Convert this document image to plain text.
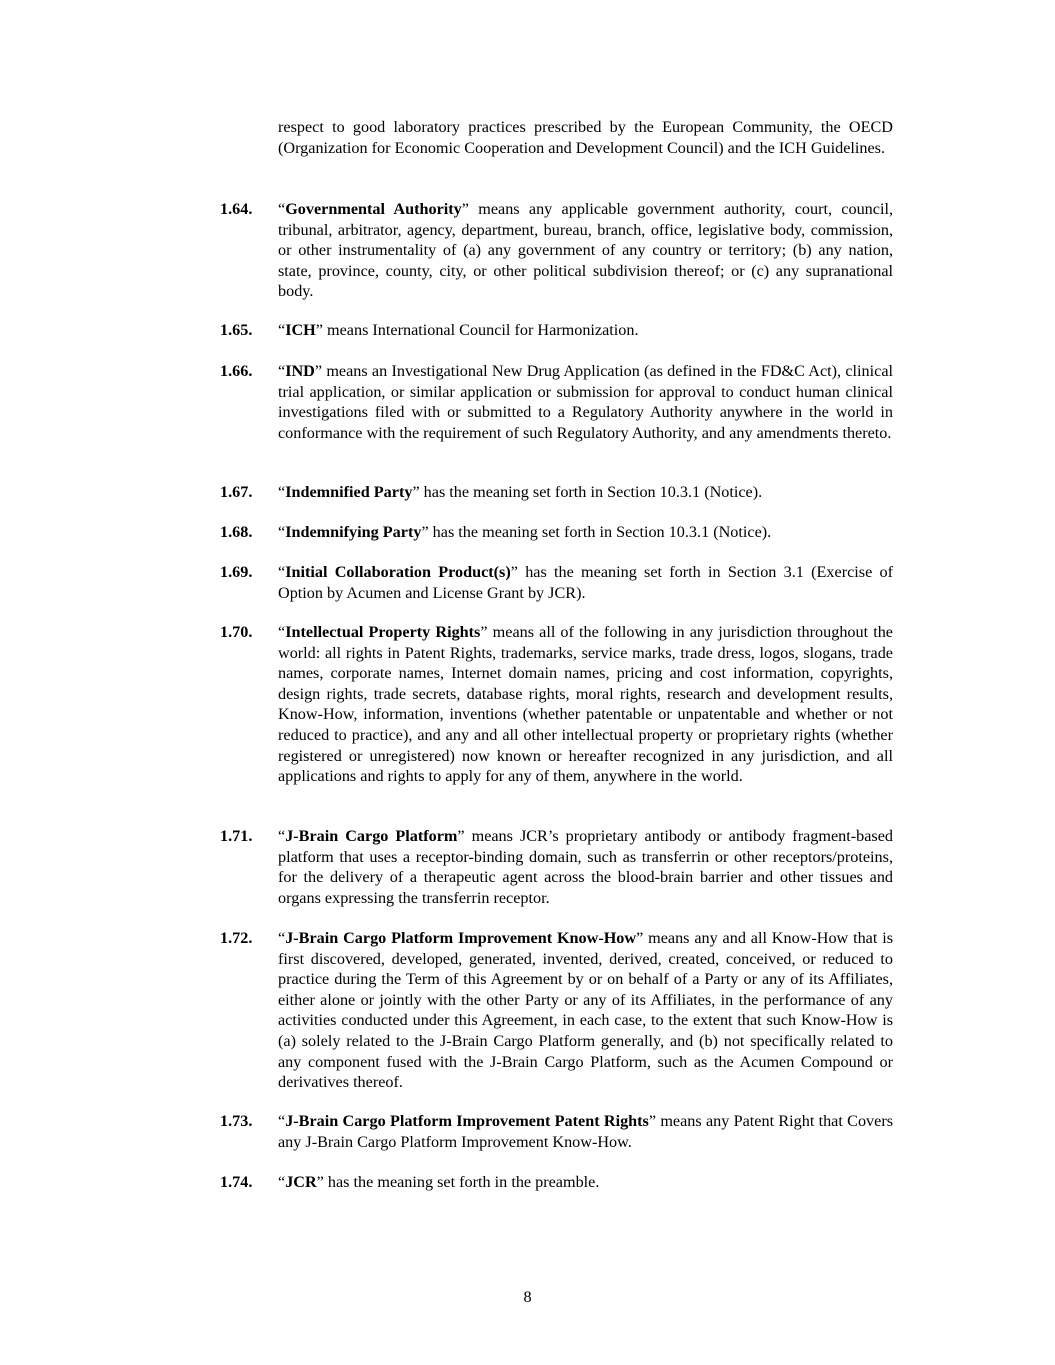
respect to good laboratory practices prescribed by the European Community, the OECD (Organization for Economic Cooperation and Development Council) and the ICH Guidelines.

1.64. “Governmental Authority” means any applicable government authority, court, council, tribunal, arbitrator, agency, department, bureau, branch, office, legislative body, commission, or other instrumentality of (a) any government of any country or territory; (b) any nation, state, province, county, city, or other political subdivision thereof; or (c) any supranational body.

1.65. “ICH” means International Council for Harmonization.

1.66. “IND” means an Investigational New Drug Application (as defined in the FD&C Act), clinical trial application, or similar application or submission for approval to conduct human clinical investigations filed with or submitted to a Regulatory Authority anywhere in the world in conformance with the requirement of such Regulatory Authority, and any amendments thereto.

1.67. “Indemnified Party” has the meaning set forth in Section 10.3.1 (Notice).

1.68. “Indemnifying Party” has the meaning set forth in Section 10.3.1 (Notice).

1.69. “Initial Collaboration Product(s)” has the meaning set forth in Section 3.1 (Exercise of Option by Acumen and License Grant by JCR).

1.70. “Intellectual Property Rights” means all of the following in any jurisdiction throughout the world: all rights in Patent Rights, trademarks, service marks, trade dress, logos, slogans, trade names, corporate names, Internet domain names, pricing and cost information, copyrights, design rights, trade secrets, database rights, moral rights, research and development results, Know-How, information, inventions (whether patentable or unpatentable and whether or not reduced to practice), and any and all other intellectual property or proprietary rights (whether registered or unregistered) now known or hereafter recognized in any jurisdiction, and all applications and rights to apply for any of them, anywhere in the world.

1.71. “J-Brain Cargo Platform” means JCR’s proprietary antibody or antibody fragment-based platform that uses a receptor-binding domain, such as transferrin or other receptors/proteins, for the delivery of a therapeutic agent across the blood-brain barrier and other tissues and organs expressing the transferrin receptor.

1.72. “J-Brain Cargo Platform Improvement Know-How” means any and all Know-How that is first discovered, developed, generated, invented, derived, created, conceived, or reduced to practice during the Term of this Agreement by or on behalf of a Party or any of its Affiliates, either alone or jointly with the other Party or any of its Affiliates, in the performance of any activities conducted under this Agreement, in each case, to the extent that such Know-How is (a) solely related to the J-Brain Cargo Platform generally, and (b) not specifically related to any component fused with the J-Brain Cargo Platform, such as the Acumen Compound or derivatives thereof.

1.73. “J-Brain Cargo Platform Improvement Patent Rights” means any Patent Right that Covers any J-Brain Cargo Platform Improvement Know-How.

1.74. “JCR” has the meaning set forth in the preamble.

8
